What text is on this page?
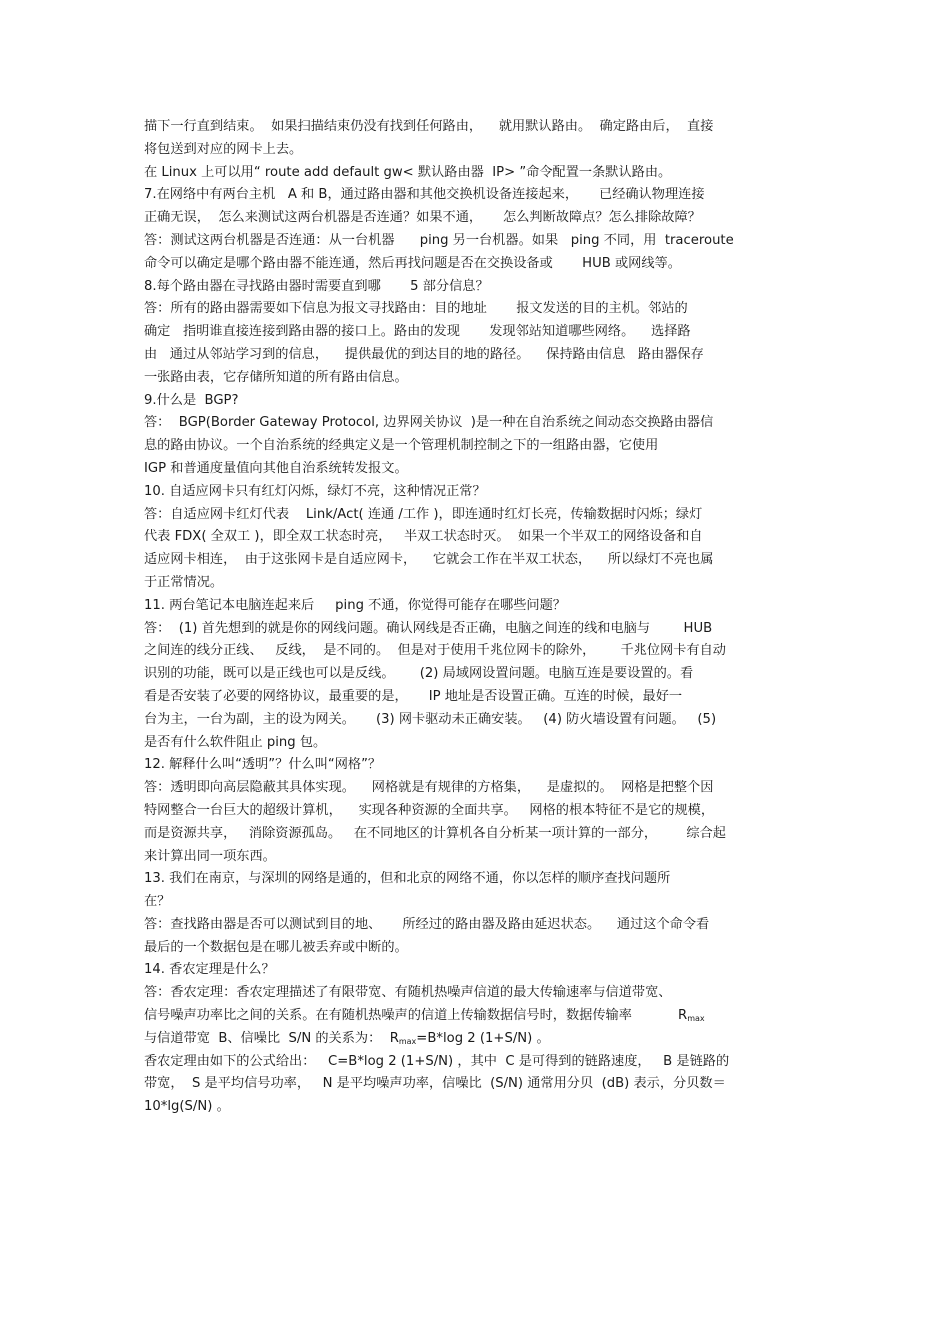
描下一行直到结束。  如果扫描结束仍没有找到任何路由，    就用默认路由。  确定路由后，  直接
将包送到对应的网卡上去。
在 Linux 上可以用“ route add default gw< 默认路由器  IP> ”命令配置一条默认路由。
7.在网络中有两台主机   A 和 B，通过路由器和其他交换机设备连接起来，     已经确认物理连接
正确无误，  怎么来测试这两台机器是否连通？如果不通，     怎么判断故障点？怎么排除故障？
答：测试这两台机器是否连通：从一台机器      ping 另一台机器。如果   ping 不同，用  traceroute
命令可以确定是哪个路由器不能连通，然后再找问题是否在交换设备或       HUB 或网线等。
8.每个路由器在寻找路由器时需要直到哪       5 部分信息？
答：所有的路由器需要如下信息为报文寻找路由：目的地址       报文发送的目的主机。邻站的
确定   指明谁直接连接到路由器的接口上。路由的发现       发现邻站知道哪些网络。    选择路
由   通过从邻站学习到的信息，    提供最优的到达目的地的路径。    保持路由信息   路由器保存
一张路由表，它存储所知道的所有路由信息。
9.什么是  BGP?
答：  BGP(Border Gateway Protocol, 边界网关协议  )是一种在自治系统之间动态交换路由器信
息的路由协议。一个自治系统的经典定义是一个管理机制控制之下的一组路由器，它使用
IGP 和普通度量值向其他自治系统转发报文。
10. 自适应网卡只有红灯闪烁，绿灯不亮，这种情况正常？
答：自适应网卡红灯代表    Link/Act( 连通 /工作 )，即连通时红灯长亮，传输数据时闪烁；绿灯
代表 FDX( 全双工 )，即全双工状态时亮，   半双工状态时灭。  如果一个半双工的网络设备和自
适应网卡相连，  由于这张网卡是自适应网卡，    它就会工作在半双工状态，    所以绿灯不亮也属
于正常情况。
11. 两台笔记本电脑连起来后     ping 不通，你觉得可能存在哪些问题？
答：  (1) 首先想到的就是你的网线问题。确认网线是否正确，电脑之间连的线和电脑与        HUB
之间连的线分正线、   反线，  是不同的。  但是对于使用千兆位网卡的除外，      千兆位网卡有自动
识别的功能，既可以是正线也可以是反线。      (2) 局域网设置问题。电脑互连是要设置的。看
看是否安装了必要的网络协议，最重要的是，     IP 地址是否设置正确。互连的时候，最好一
台为主，一台为副，主的设为网关。     (3) 网卡驱动未正确安装。   (4) 防火墙设置有问题。   (5)
是否有什么软件阻止 ping 包。
12. 解释什么叫“透明”？什么叫“网格”？
答：透明即向高层隐蔽其具体实现。    网格就是有规律的方格集，    是虚拟的。  网格是把整个因
特网整合一台巨大的超级计算机，    实现各种资源的全面共享。   网格的根本特征不是它的规模，
而是资源共享，   消除资源孤岛。   在不同地区的计算机各自分析某一项计算的一部分，       综合起
来计算出同一项东西。
13. 我们在南京，与深圳的网络是通的，但和北京的网络不通，你以怎样的顺序查找问题所
在？
答：查找路由器是否可以测试到目的地、     所经过的路由器及路由延迟状态。    通过这个命令看
最后的一个数据包是在哪儿被丢弃或中断的。
14. 香农定理是什么？
答：香农定理：香农定理描述了有限带宽、有随机热噪声信道的最大传输速率与信道带宽、
信号噪声功率比之间的关系。在有随机热噪声的信道上传输数据信号时，数据传输率           $R_{max}$
与信道带宽  B、信噪比  S/N 的关系为：  $R_{max}=B*\log$ 2 (1+S/N) 。
香农定理由如下的公式给出：   C=B*log 2 (1+S/N) ，其中  C 是可得到的链路速度，   B 是链路的
带宽，  S 是平均信号功率，   N 是平均噪声功率，信噪比  (S/N) 通常用分贝  (dB) 表示，分贝数＝
10*lg(S/N) 。
